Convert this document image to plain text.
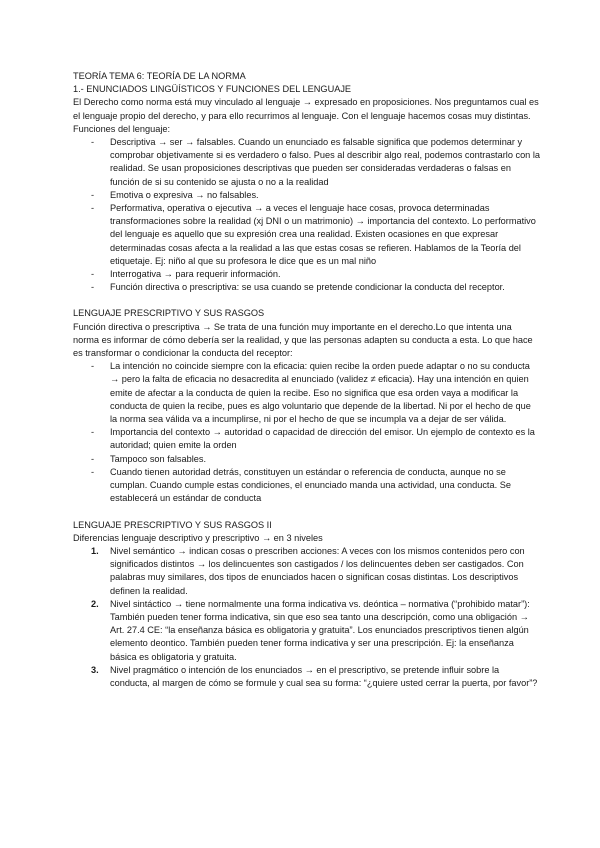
TEORÍA TEMA 6: TEORÍA DE LA NORMA

1.- ENUNCIADOS LINGÜÍSTICOS Y FUNCIONES DEL LENGUAJE

El Derecho como norma está muy vinculado al lenguaje → expresado en proposiciones. Nos preguntamos cual es el lenguaje propio del derecho, y para ello recurrimos al lenguaje. Con el lenguaje hacemos cosas muy distintas. Funciones del lenguaje:

- Descriptiva → ser → falsables. Cuando un enunciado es falsable significa que podemos determinar y comprobar objetivamente si es verdadero o falso. Pues al describir algo real, podemos contrastarlo con la realidad. Se usan proposiciones descriptivas que pueden ser consideradas verdaderas o falsas en función de si su contenido se ajusta o no a la realidad
- Emotiva o expresiva → no falsables.
- Performativa, operativa o ejecutiva → a veces el lenguaje hace cosas, provoca determinadas transformaciones sobre la realidad (xj DNI o un matrimonio) → importancia del contexto. Lo performativo del lenguaje es aquello que su expresión crea una realidad. Existen ocasiones en que expresar determinadas cosas afecta a la realidad a las que estas cosas se refieren. Hablamos de la Teoría del etiquetaje. Ej: niño al que su profesora le dice que es un mal niño
- Interrogativa → para requerir información.
- Función directiva o prescriptiva: se usa cuando se pretende condicionar la conducta del receptor.

LENGUAJE PRESCRIPTIVO Y SUS RASGOS

Función directiva o prescriptiva → Se trata de una función muy importante en el derecho.Lo que intenta una norma es informar de cómo debería ser la realidad, y que las personas adapten su conducta a esta. Lo que hace es transformar o condicionar la conducta del receptor:

- La intención no coincide siempre con la eficacia: quien recibe la orden puede adaptar o no su conducta → pero la falta de eficacia no desacredita al enunciado (validez ≠ eficacia). Hay una intención en quien emite de afectar a la conducta de quien la recibe. Eso no significa que esa orden vaya a modificar la conducta de quien la recibe, pues es algo voluntario que depende de la libertad. Ni por el hecho de que la norma sea válida va a incumplirse, ni por el hecho de que se incumpla va a dejar de ser válida.
- Importancia del contexto → autoridad o capacidad de dirección del emisor. Un ejemplo de contexto es la autoridad; quien emite la orden
- Tampoco son falsables.
- Cuando tienen autoridad detrás, constituyen un estándar o referencia de conducta, aunque no se cumplan. Cuando cumple estas condiciones, el enunciado manda una actividad, una conducta. Se establecerá un estándar de conducta

LENGUAJE PRESCRIPTIVO Y SUS RASGOS II

Diferencias lenguaje descriptivo y prescriptivo → en 3 niveles

1. Nivel semántico → indican cosas o prescriben acciones: A veces con los mismos contenidos pero con significados distintos → los delincuentes son castigados / los delincuentes deben ser castigados. Con palabras muy similares, dos tipos de enunciados hacen o significan cosas distintas. Los descriptivos definen la realidad.
2. Nivel sintáctico → tiene normalmente una forma indicativa vs. deóntica – normativa (“prohibido matar”): También pueden tener forma indicativa, sin que eso sea tanto una descripción, como una obligación → Art. 27.4 CE: “la enseñanza básica es obligatoria y gratuita”. Los enunciados prescriptivos tienen algún elemento deontico. También pueden tener forma indicativa y ser una prescripción. Ej: la enseñanza básica es obligatoria y gratuita.
3. Nivel pragmático o intención de los enunciados → en el prescriptivo, se pretende influir sobre la conducta, al margen de cómo se formule y cual sea su forma: “¿quiere usted cerrar la puerta, por favor”?
